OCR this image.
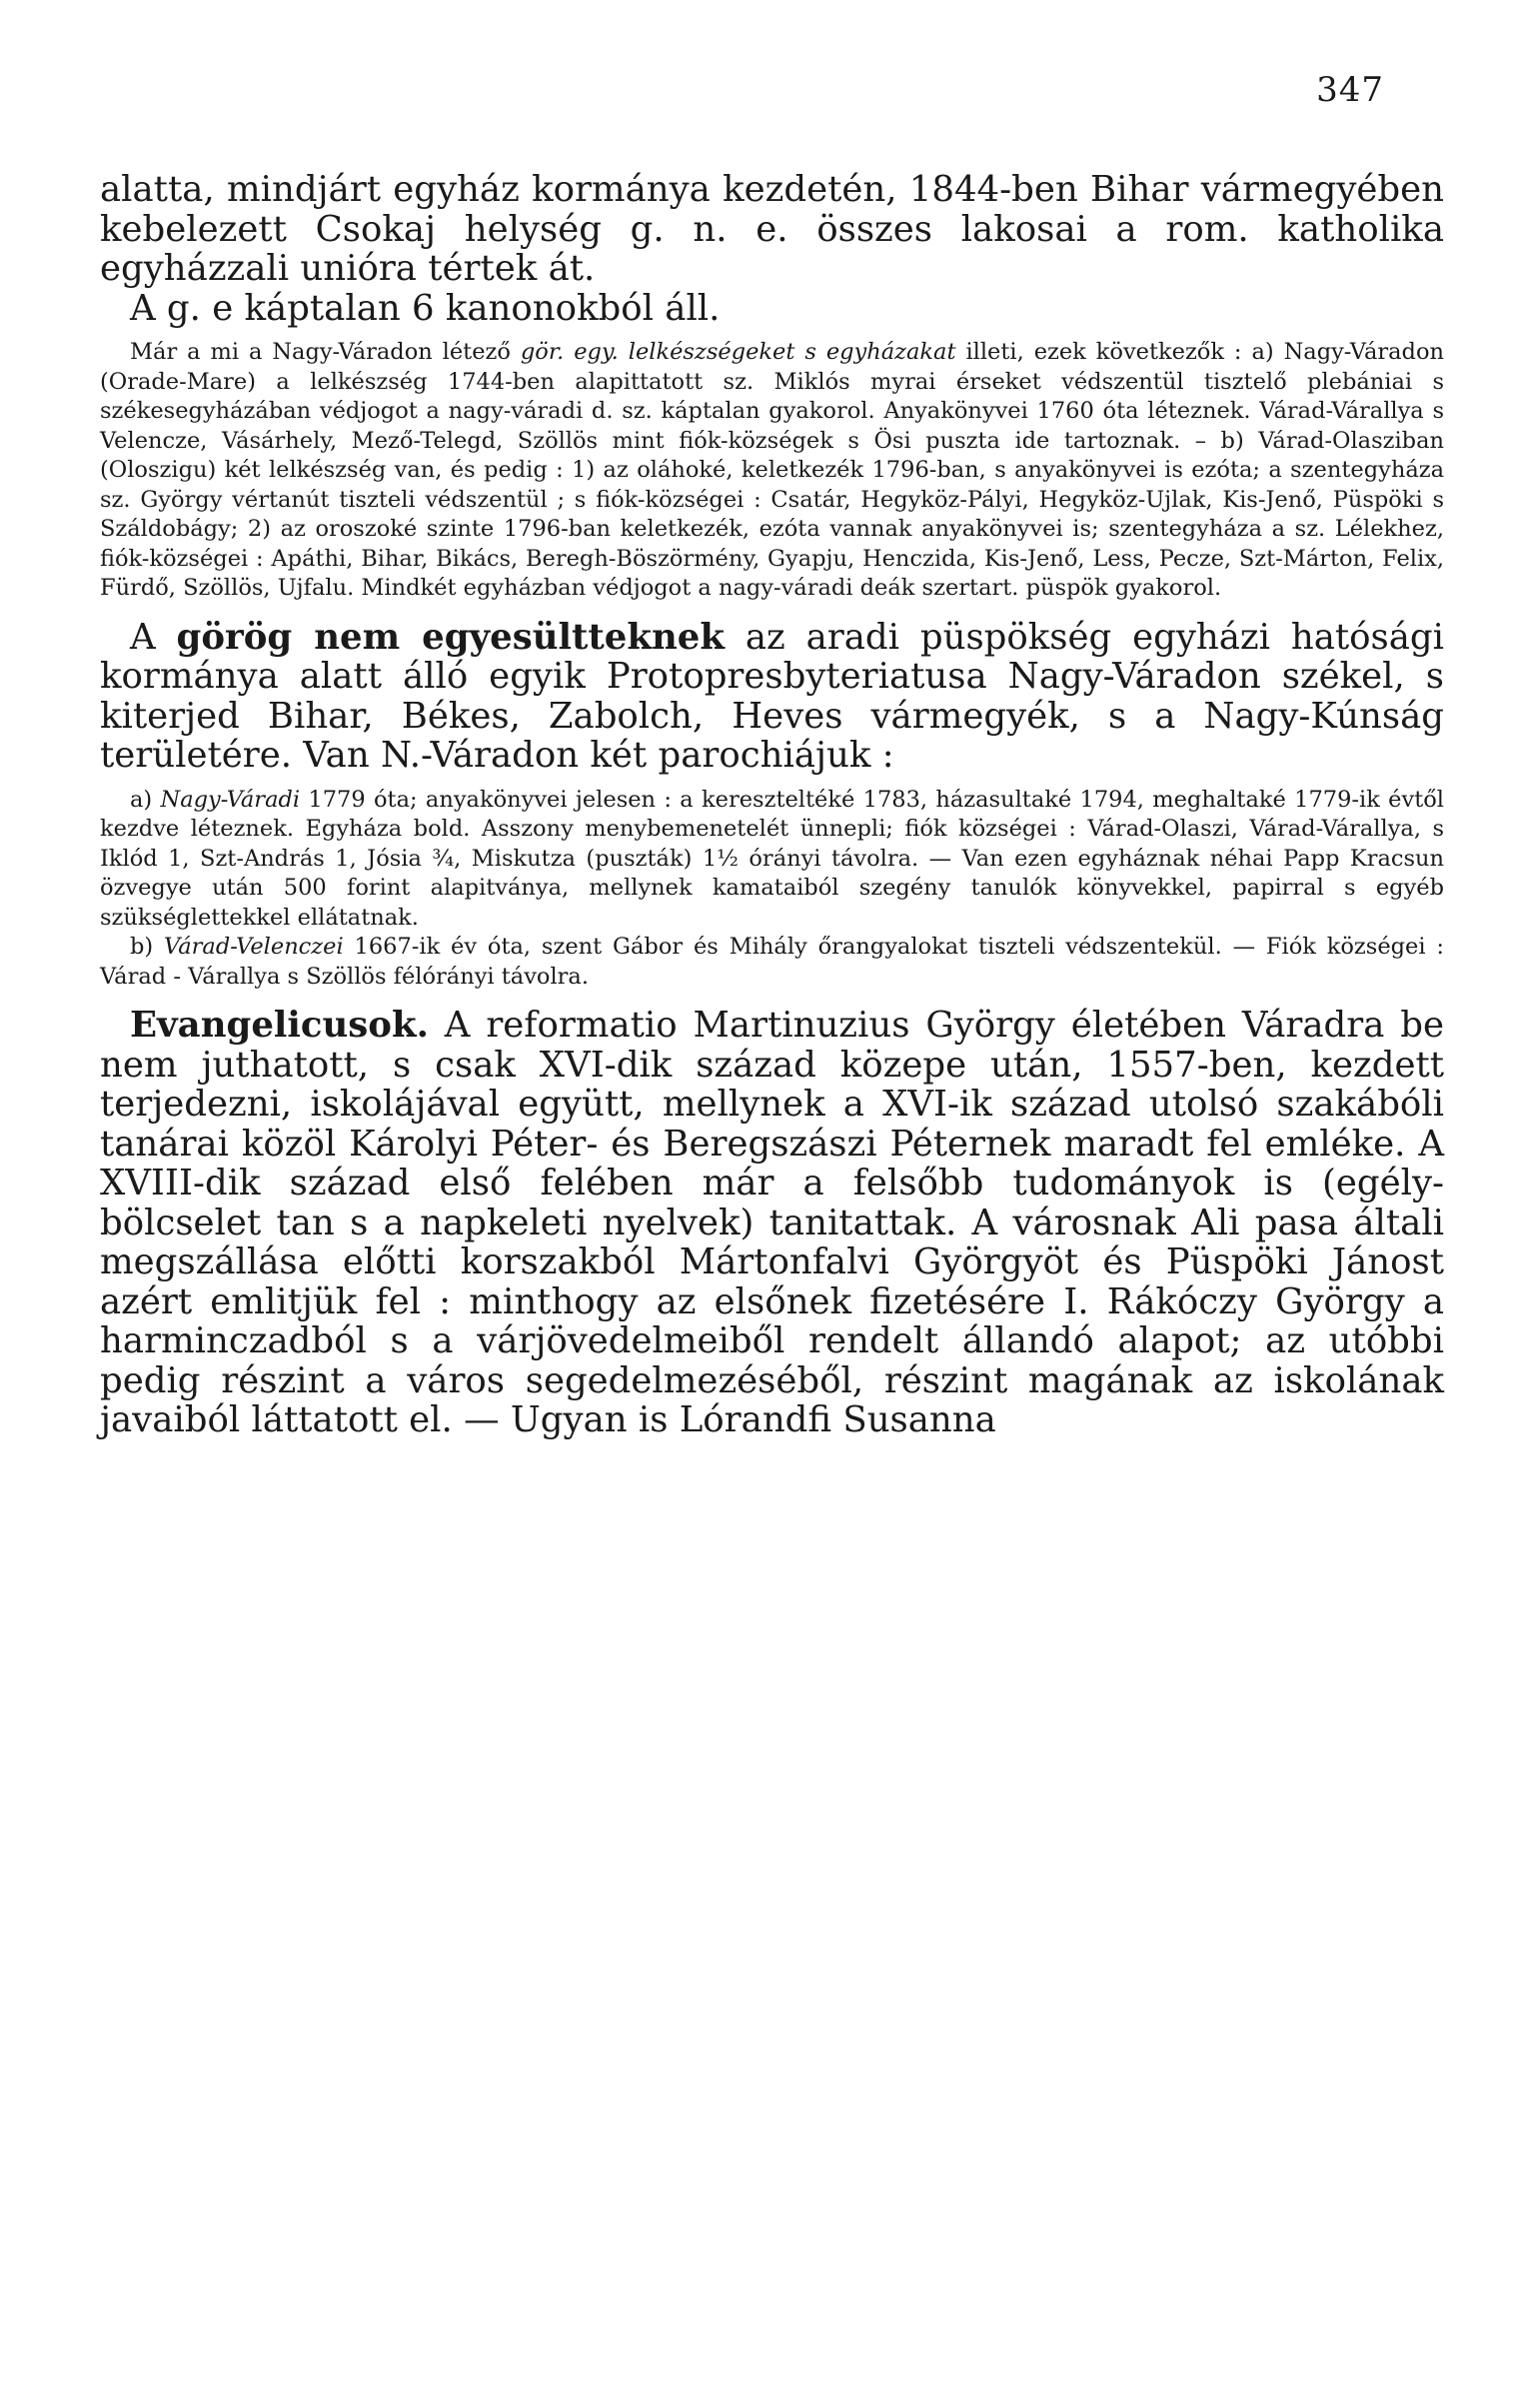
347

alatta, mindjárt egyház kormánya kezdetén, 1844-ben Bihar vármegyében kebelezett Csokaj helység g. n. e. összes lakosai a rom. katholika egyházzali unióra tértek át.

A g. e káptalan 6 kanonokból áll.

Már a mi a Nagy-Váradon létező gör. egy. lelkészségeket s egyházakat illeti, ezek következők : a) Nagy-Váradon (Orade-Mare) a lelkészség 1744-ben alapittatott sz. Miklós myrai érseket védszentül tisztelő plebániai s székesegyházában védjogot a nagy-váradi d. sz. káptalan gyakorol. Anyakönyvei 1760 óta léteznek. Várad-Várallya s Velencze, Vásárhely, Mező-Telegd, Szöllös mint fiók-községek s Ösi puszta ide tartoznak. – b) Várad-Olasziban (Oloszigu) két lelkészség van, és pedig : 1) az oláhoké, keletkezék 1796-ban, s anyakönyvei is ezóta; a szentegyháza sz. György vértanút tiszteli védszentül ; s fiók-községei : Csatár, Hegyköz-Pályi, Hegyköz-Ujlak, Kis-Jenő, Püspöki s Száldobágy; 2) az oroszoké szinte 1796-ban keletkezék, ezóta vannak anyakönyvei is; szentegyháza a sz. Lélekhez, fiók-községei : Apáthi, Bihar, Bikács, Beregh-Böszörmény, Gyapju, Henczida, Kis-Jenő, Less, Pecze, Szt-Márton, Felix, Fürdő, Szöllös, Ujfalu. Mindkét egyházban védjogot a nagy-váradi deák szertart. püspök gyakorol.

A görög nem egyesültteknek az aradi püspökség egyházi hatósági kormánya alatt álló egyik Protopresbyteriatusa Nagy-Váradon székel, s kiterjed Bihar, Békes, Zabolch, Heves vármegyék, s a Nagy-Kúnság területére. Van N.-Váradon két parochiájuk :

a) Nagy-Váradi 1779 óta; anyakönyvei jelesen : a kereszteltéké 1783, házasultaké 1794, meghaltaké 1779-ik évtől kezdve léteznek. Egyháza bold. Asszony menybemenetelét ünnepli; fiók községei : Várad-Olaszi, Várad-Várallya, s Iklód 1, Szt-András 1, Jósia ¾, Miskutza (puszták) 1½ órányi távolra. — Van ezen egyháznak néhai Papp Kracsun özvegye után 500 forint alapitványa, mellynek kamataiból szegény tanulók könyvekkel, papirral s egyéb szükséglettekkel ellátatnak.

b) Várad-Velenczei 1667-ik év óta, szent Gábor és Mihály őrangyalokat tiszteli védszentekül. — Fiók községei : Várad - Várallya s Szöllös félórányi távolra.

Evangelicusok. A reformatio Martinuzius György életében Váradra be nem juthatott, s csak XVI-dik század közepe után, 1557-ben, kezdett terjedezni, iskolájával együtt, mellynek a XVI-ik század utolsó szakábóli tanárai közöl Károlyi Péter- és Beregszászi Péternek maradt fel emléke. A XVIII-dik század első felében már a felsőbb tudományok is (egély-bölcselet tan s a napkeleti nyelvek) tanitattak. A városnak Ali pasa általi megszállása előtti korszakból Mártonfalvi Györgyöt és Püspöki Jánost azért emlitjük fel : minthogy az elsőnek fizetésére I. Rákóczy György a harminczadból s a várjövedelmeiből rendelt állandó alapot; az utóbbi pedig részint a város segedelmezéséből, részint magának az iskolának javaiból láttatott el. — Ugyan is Lórandfi Susanna
